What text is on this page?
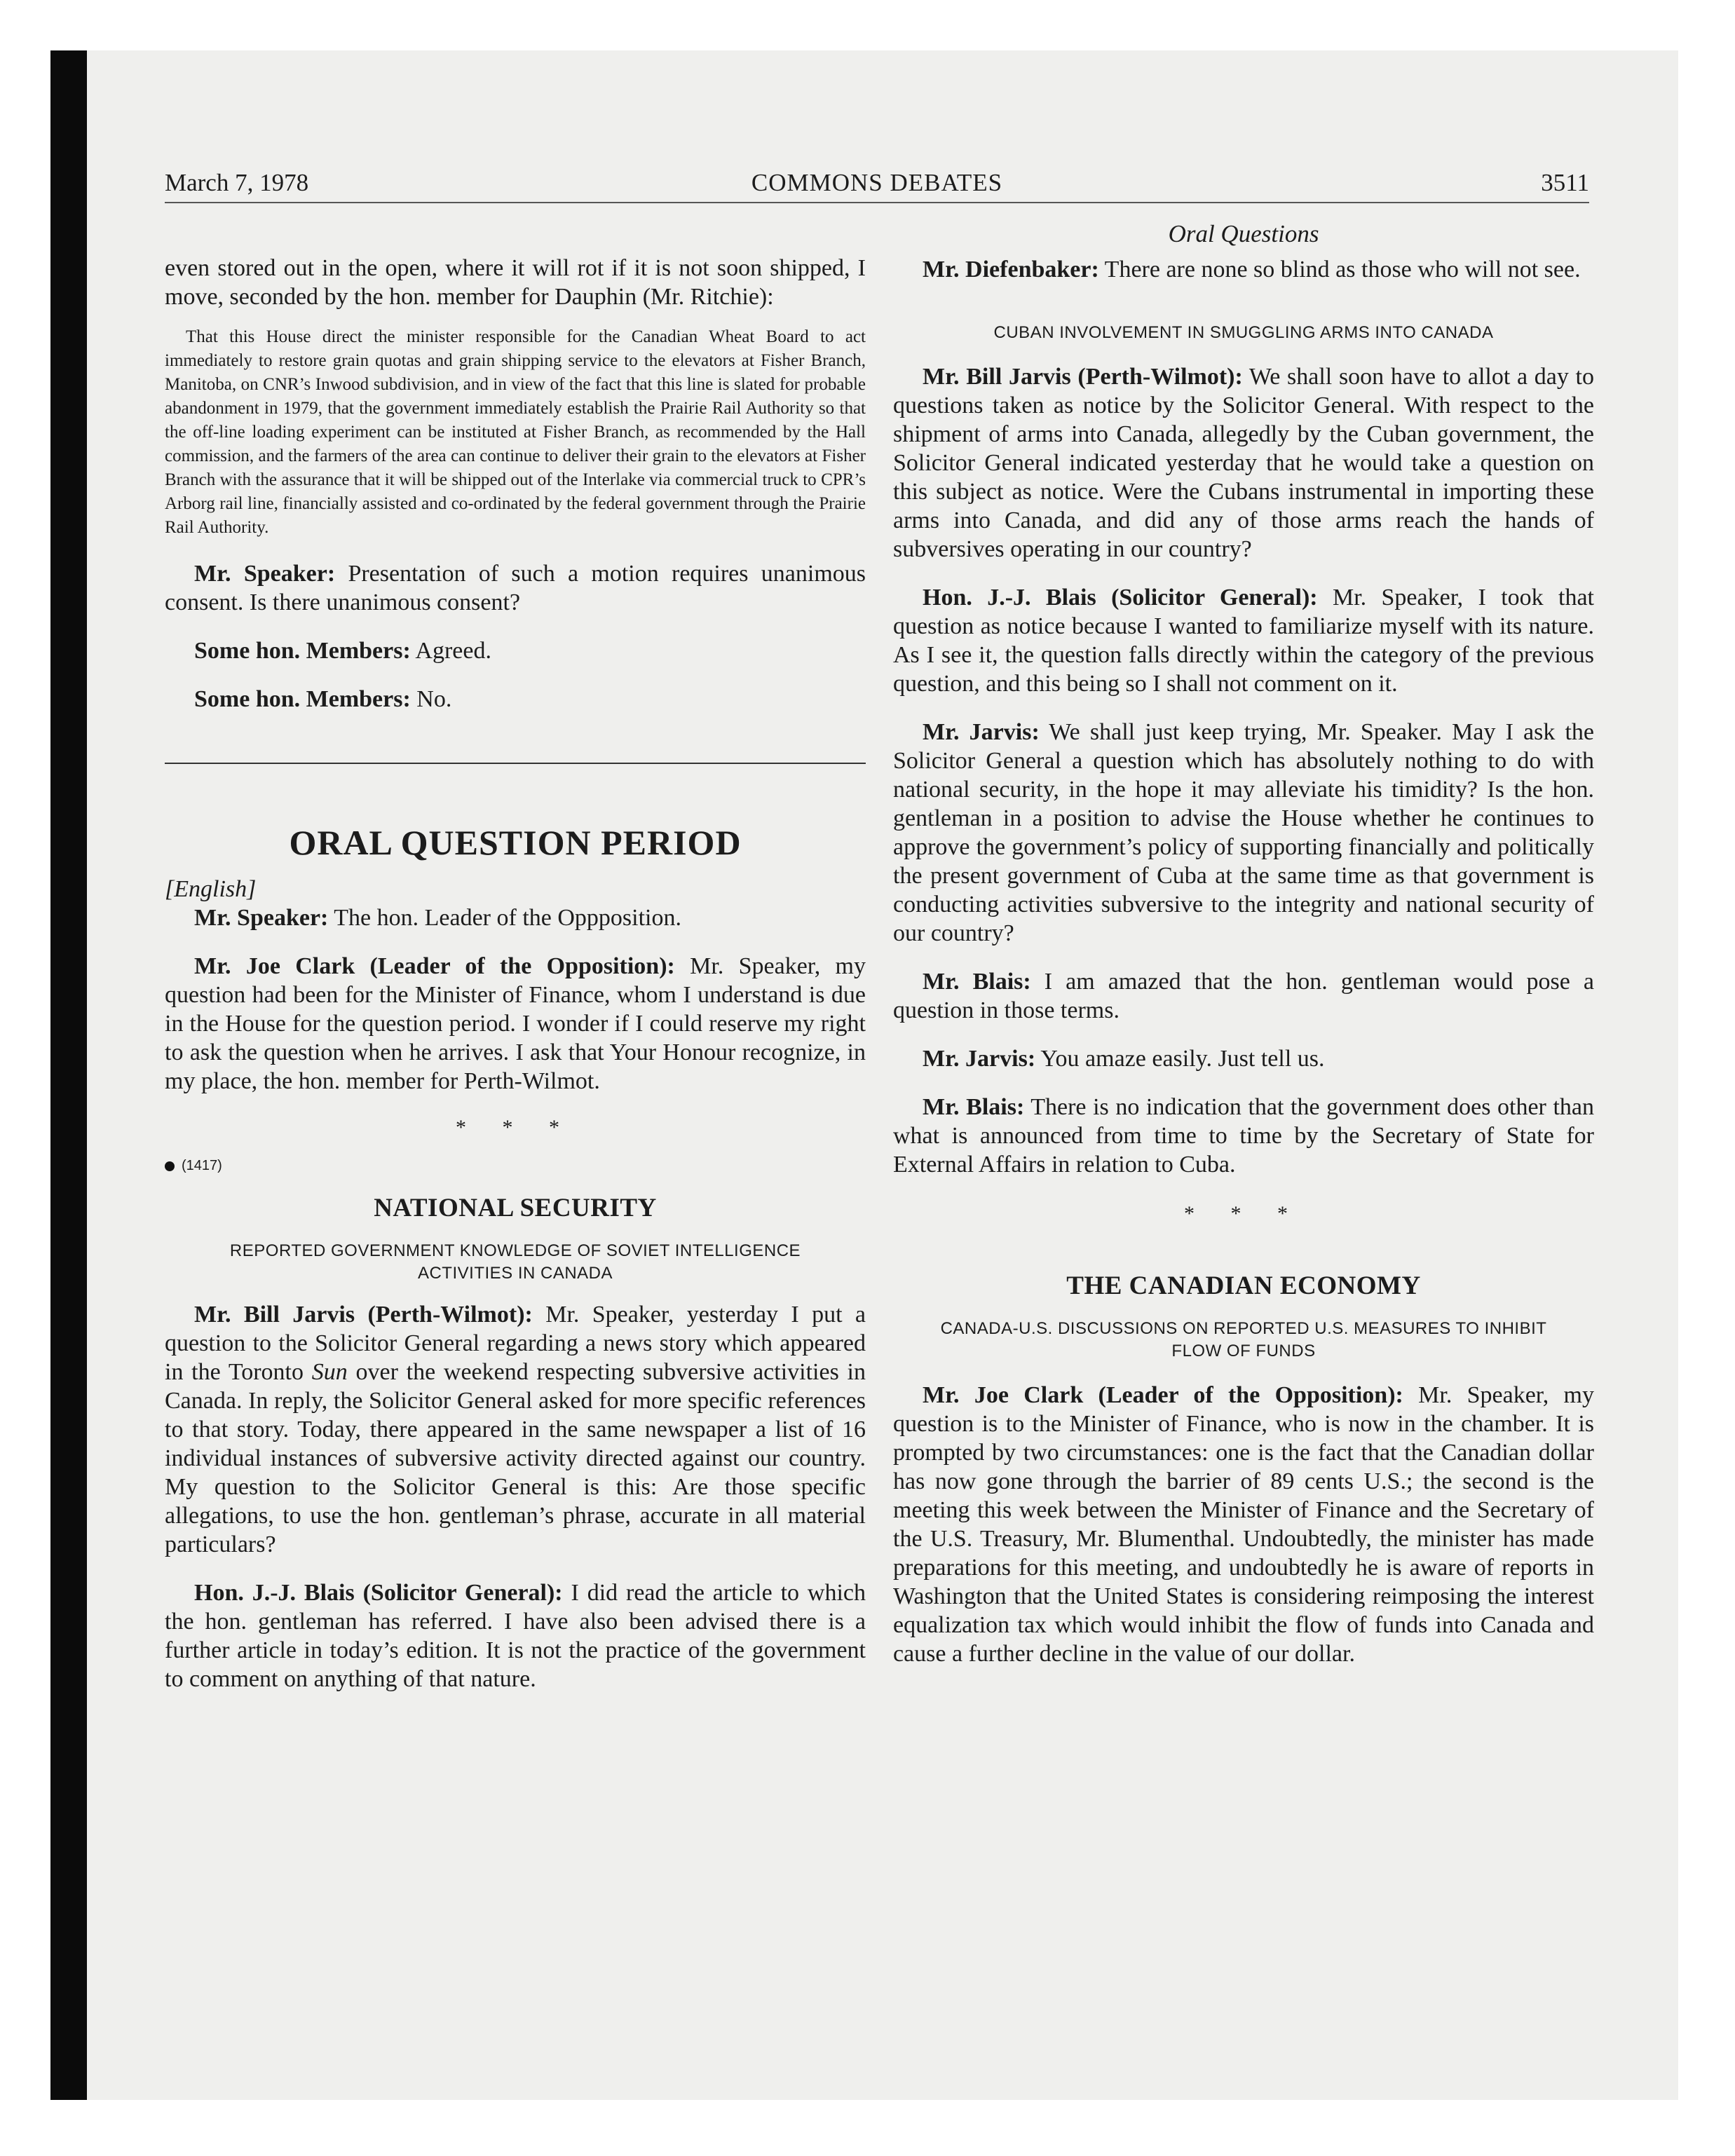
March 7, 1978	COMMONS DEBATES	3511

even stored out in the open, where it will rot if it is not soon shipped, I move, seconded by the hon. member for Dauphin (Mr. Ritchie):

That this House direct the minister responsible for the Canadian Wheat Board to act immediately to restore grain quotas and grain shipping service to the elevators at Fisher Branch, Manitoba, on CNR’s Inwood subdivision, and in view of the fact that this line is slated for probable abandonment in 1979, that the government immediately establish the Prairie Rail Authority so that the off-line loading experiment can be instituted at Fisher Branch, as recommended by the Hall commission, and the farmers of the area can continue to deliver their grain to the elevators at Fisher Branch with the assurance that it will be shipped out of the Interlake via commercial truck to CPR’s Arborg rail line, financially assisted and co-ordinated by the federal government through the Prairie Rail Authority.

Mr. Speaker: Presentation of such a motion requires unanimous consent. Is there unanimous consent?

Some hon. Members: Agreed.

Some hon. Members: No.

ORAL QUESTION PERIOD
[English]

Mr. Speaker: The hon. Leader of the Oppposition.

Mr. Joe Clark (Leader of the Opposition): Mr. Speaker, my question had been for the Minister of Finance, whom I understand is due in the House for the question period. I wonder if I could reserve my right to ask the question when he arrives. I ask that Your Honour recognize, in my place, the hon. member for Perth-Wilmot.

* * *
(1417)
NATIONAL SECURITY
REPORTED GOVERNMENT KNOWLEDGE OF SOVIET INTELLIGENCE ACTIVITIES IN CANADA

Mr. Bill Jarvis (Perth-Wilmot): Mr. Speaker, yesterday I put a question to the Solicitor General regarding a news story which appeared in the Toronto Sun over the weekend respecting subversive activities in Canada. In reply, the Solicitor General asked for more specific references to that story. Today, there appeared in the same newspaper a list of 16 individual instances of subversive activity directed against our country. My question to the Solicitor General is this: Are those specific allegations, to use the hon. gentleman’s phrase, accurate in all material particulars?

Hon. J.-J. Blais (Solicitor General): I did read the article to which the hon. gentleman has referred. I have also been advised there is a further article in today’s edition. It is not the practice of the government to comment on anything of that nature.

Oral Questions

Mr. Diefenbaker: There are none so blind as those who will not see.

CUBAN INVOLVEMENT IN SMUGGLING ARMS INTO CANADA

Mr. Bill Jarvis (Perth-Wilmot): We shall soon have to allot a day to questions taken as notice by the Solicitor General. With respect to the shipment of arms into Canada, allegedly by the Cuban government, the Solicitor General indicated yesterday that he would take a question on this subject as notice. Were the Cubans instrumental in importing these arms into Canada, and did any of those arms reach the hands of subversives operating in our country?

Hon. J.-J. Blais (Solicitor General): Mr. Speaker, I took that question as notice because I wanted to familiarize myself with its nature. As I see it, the question falls directly within the category of the previous question, and this being so I shall not comment on it.

Mr. Jarvis: We shall just keep trying, Mr. Speaker. May I ask the Solicitor General a question which has absolutely nothing to do with national security, in the hope it may alleviate his timidity? Is the hon. gentleman in a position to advise the House whether he continues to approve the government’s policy of supporting financially and politically the present government of Cuba at the same time as that government is conducting activities subversive to the integrity and national security of our country?

Mr. Blais: I am amazed that the hon. gentleman would pose a question in those terms.

Mr. Jarvis: You amaze easily. Just tell us.

Mr. Blais: There is no indication that the government does other than what is announced from time to time by the Secretary of State for External Affairs in relation to Cuba.

* * *
THE CANADIAN ECONOMY
CANADA-U.S. DISCUSSIONS ON REPORTED U.S. MEASURES TO INHIBIT FLOW OF FUNDS

Mr. Joe Clark (Leader of the Opposition): Mr. Speaker, my question is to the Minister of Finance, who is now in the chamber. It is prompted by two circumstances: one is the fact that the Canadian dollar has now gone through the barrier of 89 cents U.S.; the second is the meeting this week between the Minister of Finance and the Secretary of the U.S. Treasury, Mr. Blumenthal. Undoubtedly, the minister has made preparations for this meeting, and undoubtedly he is aware of reports in Washington that the United States is considering reimposing the interest equalization tax which would inhibit the flow of funds into Canada and cause a further decline in the value of our dollar.
